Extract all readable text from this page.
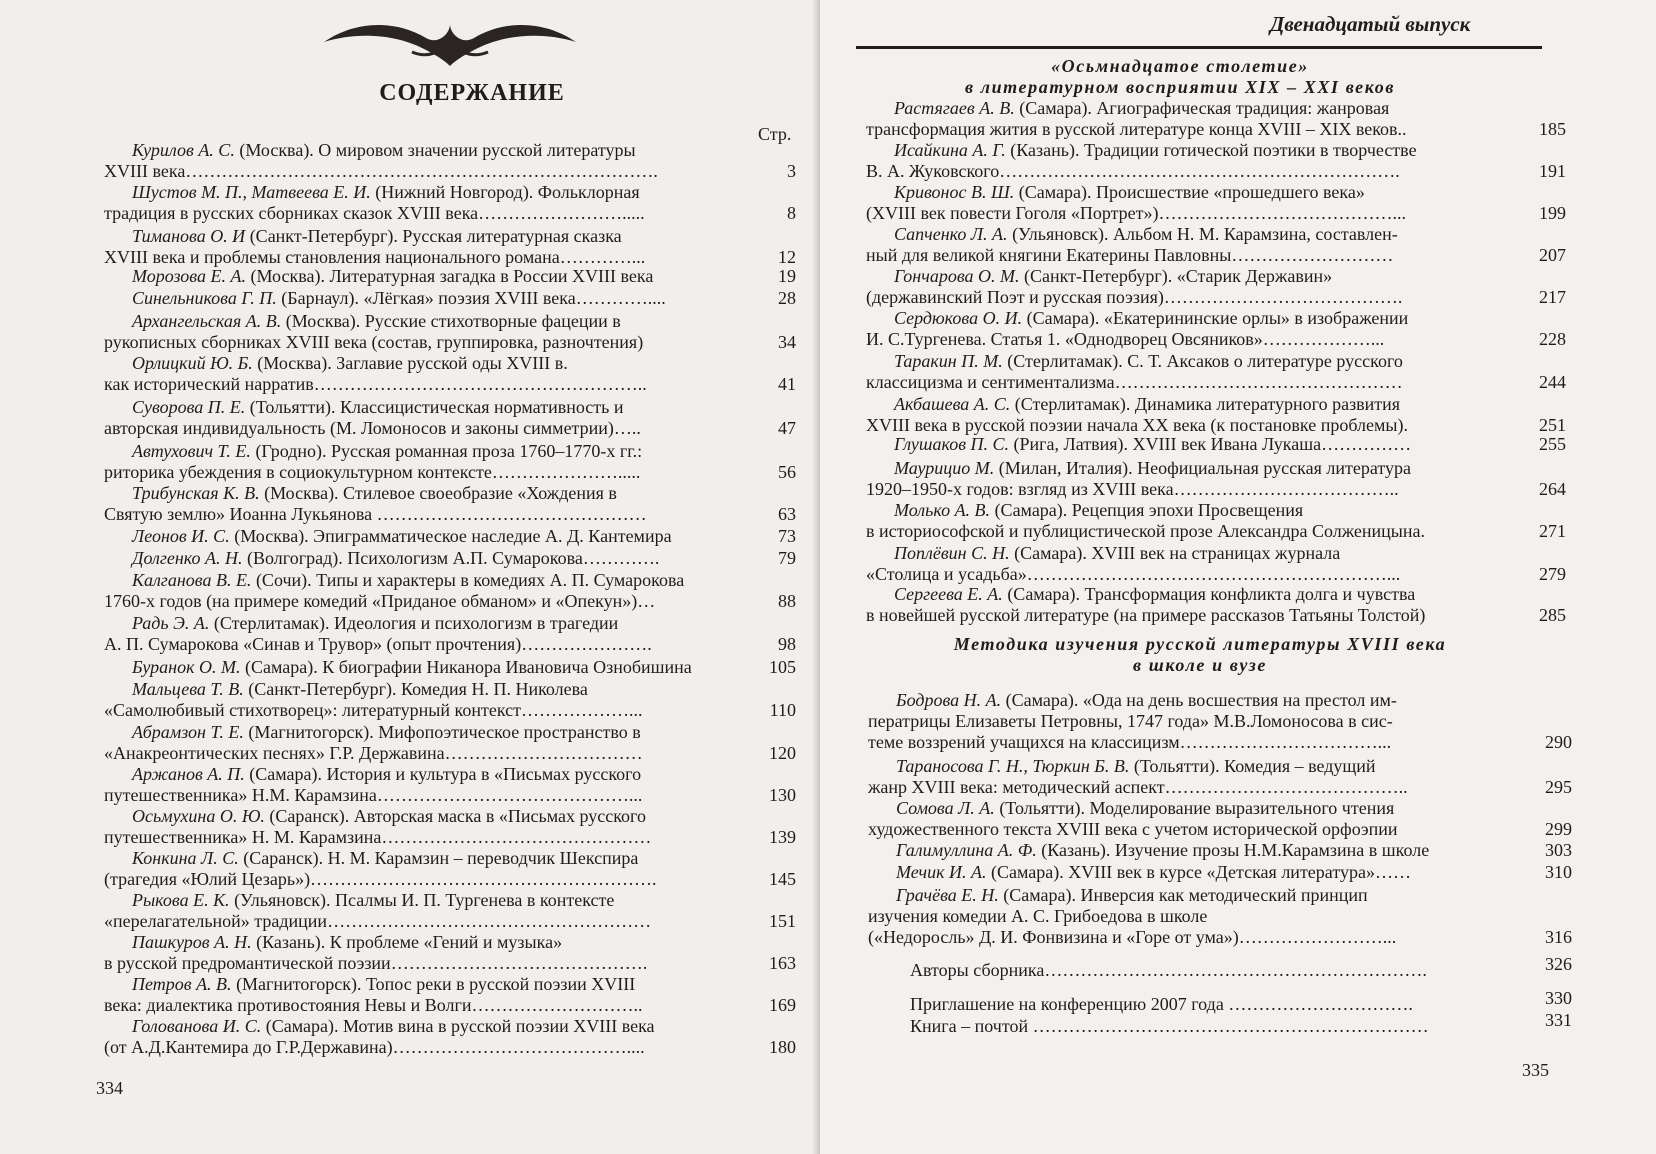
СОДЕРЖАНИЕ
Стр.
Курилов А. С. (Москва). О мировом значении русской литературы
XVIII века…………………………………………………………………….	3
Шустов М. П., Матвеева Е. И. (Нижний Новгород). Фольклорная
традиция в русских сборниках сказок XVIII века…………………….....	8
Тиманова О. И (Санкт-Петербург). Русская литературная сказка
XVIII века и проблемы становления национального романа…………...	12
Морозова Е. А. (Москва). Литературная загадка в России XVIII века	19
Синельникова Г. П. (Барнаул). «Лёгкая» поэзия XVIII века…………....	28
Архангельская А. В. (Москва). Русские стихотворные фацеции в
рукописных сборниках XVIII века (состав, группировка, разночтения)	34
Орлицкий Ю. Б. (Москва). Заглавие русской оды XVIII в.
как исторический нарратив………………………………………………..	41
Суворова П. Е. (Тольятти). Классицистическая нормативность и
авторская индивидуальность (М. Ломоносов и законы симметрии)…..	47
Автухович Т. Е. (Гродно). Русская романная проза 1760–1770-х гг.:
риторика убеждения в социокультурном контексте………………….....	56
Трибунская К. В. (Москва). Стилевое своеобразие «Хождения в
Святую землю» Иоанна Лукьянова ………………………………………	63
Леонов И. С. (Москва). Эпиграмматическое наследие А. Д. Кантемира	73
Долгенко А. Н. (Волгоград). Психологизм А.П. Сумарокова………….	79
Калганова В. Е. (Сочи). Типы и характеры в комедиях А. П. Сумарокова
1760-х годов (на примере комедий «Приданое обманом» и «Опекун»)…	88
Радь Э. А. (Стерлитамак). Идеология и психологизм в трагедии
А. П. Сумарокова «Синав и Трувор» (опыт прочтения)………………….	98
Буранок О. М. (Самара). К биографии Никанора Ивановича Ознобишина	105
Мальцева Т. В. (Санкт-Петербург). Комедия Н. П. Николева
«Самолюбивый стихотворец»: литературный контекст………………...	110
Абрамзон Т. Е. (Магнитогорск). Мифопоэтическое пространство в
«Анакреонтических песнях» Г.Р. Державина……………………………	120
Аржанов А. П. (Самара). История и культура в «Письмах русского
путешественника» Н.М. Карамзина……………………………………...	130
Осьмухина О. Ю. (Саранск). Авторская маска в «Письмах русского
путешественника» Н. М. Карамзина………………………………………	139
Конкина Л. С. (Саранск). Н. М. Карамзин – переводчик Шекспира
(трагедия «Юлий Цезарь»)………………………………………………….	145
Рыкова Е. К. (Ульяновск). Псалмы И. П. Тургенева в контексте
«перелагательной» традиции………………………………………………	151
Пашкуров А. Н. (Казань). К проблеме «Гений и музыка»
в русской предромантической поэзии…………………………………….	163
Петров А. В. (Магнитогорск). Топос реки в русской поэзии XVIII
века: диалектика противостояния Невы и Волги………………………..	169
Голованова И. С. (Самара). Мотив вина в русской поэзии XVIII века
(от А.Д.Кантемира до Г.Р.Державина)…………………………………....	180
334
Двенадцатый выпуск
«Осьмнадцатое столетие»
в литературном восприятии XIX – XXI веков
Растягаев А. В. (Самара). Агиографическая традиция: жанровая
трансформация жития в русской литературе конца XVIII – XIX веков..	185
Исайкина А. Г. (Казань). Традиции готической поэтики в творчестве
В. А. Жуковского………………………………………………………….	191
Кривонос В. Ш. (Самара). Происшествие «прошедшего века»
(XVIII век повести Гоголя «Портрет»)…………………………………...	199
Сапченко Л. А. (Ульяновск). Альбом Н. М. Карамзина, составлен-
ный для великой княгини Екатерины Павловны………………………	207
Гончарова О. М. (Санкт-Петербург). «Старик Державин»
(державинский Поэт и русская поэзия)………………………………….	217
Сердюкова О. И. (Самара). «Екатерининские орлы» в изображении
И. С.Тургенева. Статья 1. «Однодворец Овсяников»………………...	228
Таракин П. М. (Стерлитамак). С. Т. Аксаков о литературе русского
классицизма и сентиментализма…………………………………………	244
Акбашева А. С. (Стерлитамак). Динамика литературного развития
XVIII века в русской поэзии начала XX века (к постановке проблемы).	251
Глушаков П. С. (Рига, Латвия). XVIII век Ивана Лукаша……………	255
Маурицио М. (Милан, Италия). Неофициальная русская литература
1920–1950-х годов: взгляд из XVIII века………………………………..	264
Молько А. В. (Самара). Рецепция эпохи Просвещения
в историософской и публицистической прозе Александра Солженицына.	271
Поплёвин С. Н. (Самара). XVIII век на страницах журнала
«Столица и усадьба»……………………………………………………...	279
Сергеева Е. А. (Самара). Трансформация конфликта долга и чувства
в новейшей русской литературе (на примере рассказов Татьяны Толстой)	285
Методика изучения русской литературы XVIII века
в школе и вузе
Бодрова Н. А. (Самара). «Ода на день восшествия на престол им-
ператрицы Елизаветы Петровны, 1747 года» М.В.Ломоносова в сис-
теме воззрений учащихся на классицизм……………………………...	290
Тараносова Г. Н., Тюркин Б. В. (Тольятти). Комедия – ведущий
жанр XVIII века: методический аспект…………………………………..	295
Сомова Л. А. (Тольятти). Моделирование выразительного чтения
художественного текста XVIII века с учетом исторической орфоэпии	299
Галимуллина А. Ф. (Казань). Изучение прозы Н.М.Карамзина в школе	303
Мечик И. А. (Самара). XVIII век в курсе «Детская литература»……	310
Грачёва Е. Н. (Самара). Инверсия как методический принцип
изучения комедии А. С. Грибоедова в школе
(«Недоросль» Д. И. Фонвизина и «Горе от ума»)……………………...	316
Авторы сборника……………………………………………………….	326
Приглашение на конференцию 2007 года ………………………….	330
Книга – почтой …………………………………………………………	331
335
